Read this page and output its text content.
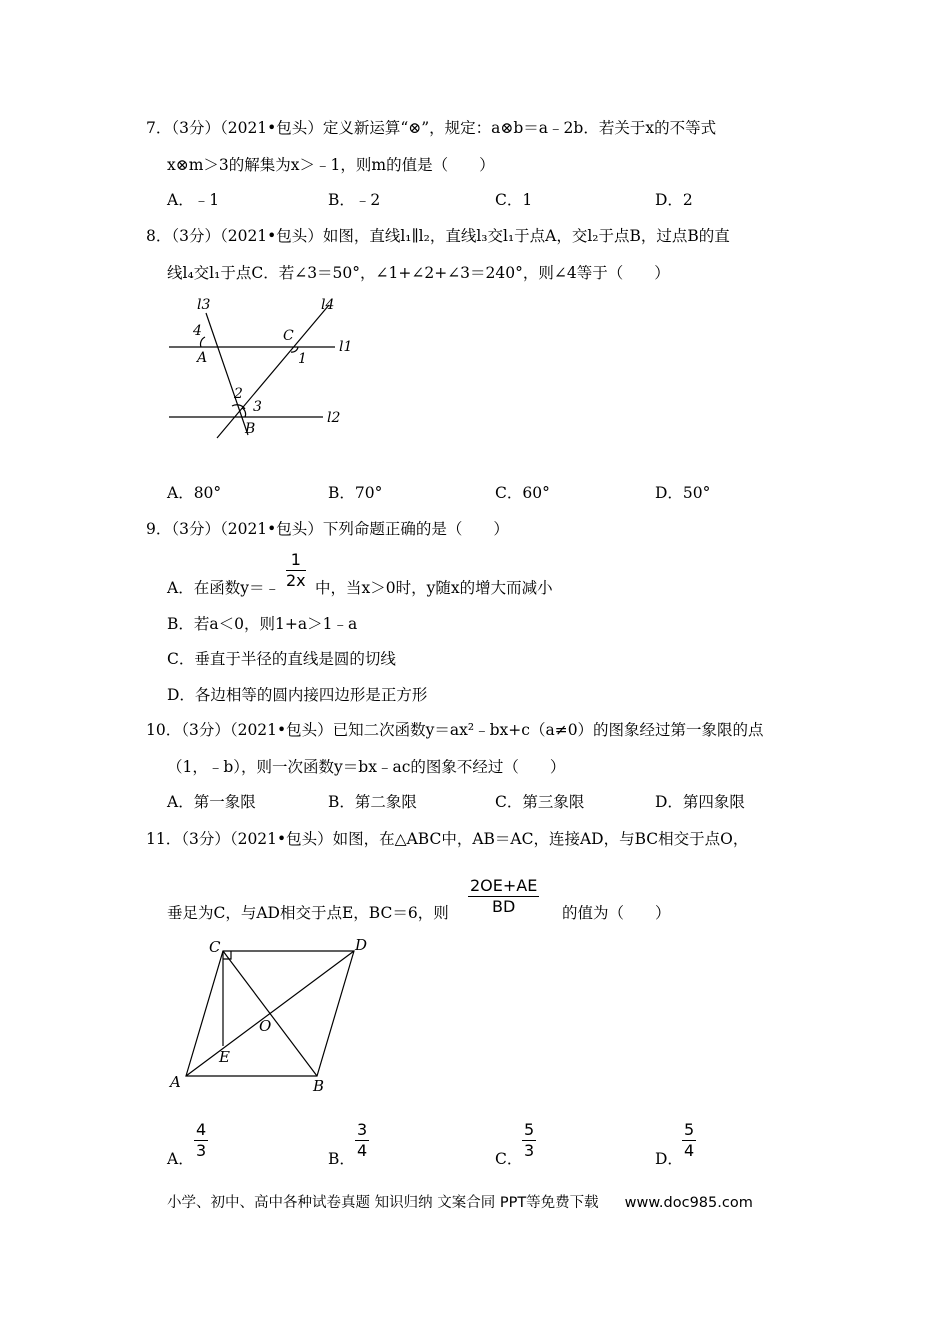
7．（3分）（2021•包头）定义新运算“⊗”，规定：a⊗b＝a﹣2b．若关于x的不等式
x⊗m＞3的解集为x＞﹣1，则m的值是（　　）
A．﹣1	B．﹣2	C．1	D．2
8．（3分）（2021•包头）如图，直线l₁∥l₂，直线l₃交l₁于点A，交l₂于点B，过点B的直
线l₄交l₁于点C．若∠3＝50°，∠1+∠2+∠3＝240°，则∠4等于（　　）
l3	l4
4	C
A	1
l1
2
3
B
l2
A．80°	B．70°	C．60°	D．50°
9．（3分）（2021•包头）下列命题正确的是（　　）
A．在函数y＝﹣ $\frac{1}{2x}$ 中，当x＞0时，y随x的增大而减小
B．若a＜0，则1+a＞1﹣a
C．垂直于半径的直线是圆的切线
D．各边相等的圆内接四边形是正方形
10．（3分）（2021•包头）已知二次函数y＝ax²﹣bx+c（a≠0）的图象经过第一象限的点
（1，﹣b），则一次函数y＝bx﹣ac的图象不经过（　　）
A．第一象限	B．第二象限	C．第三象限	D．第四象限
11．（3分）（2021•包头）如图，在△ABC中，AB＝AC，连接AD，与BC相交于点O，
$\frac{2OE+AE}{BD}$
垂足为C，与AD相交于点E，BC＝6，则	的值为（　　）
C	D
O
E
A	B
A． $\frac{4}{3}$	B． $\frac{3}{4}$	C． $\frac{5}{3}$	D． $\frac{5}{4}$
小学、初中、高中各种试卷真题 知识归纳 文案合同 PPT等免费下载 www.doc985.com
